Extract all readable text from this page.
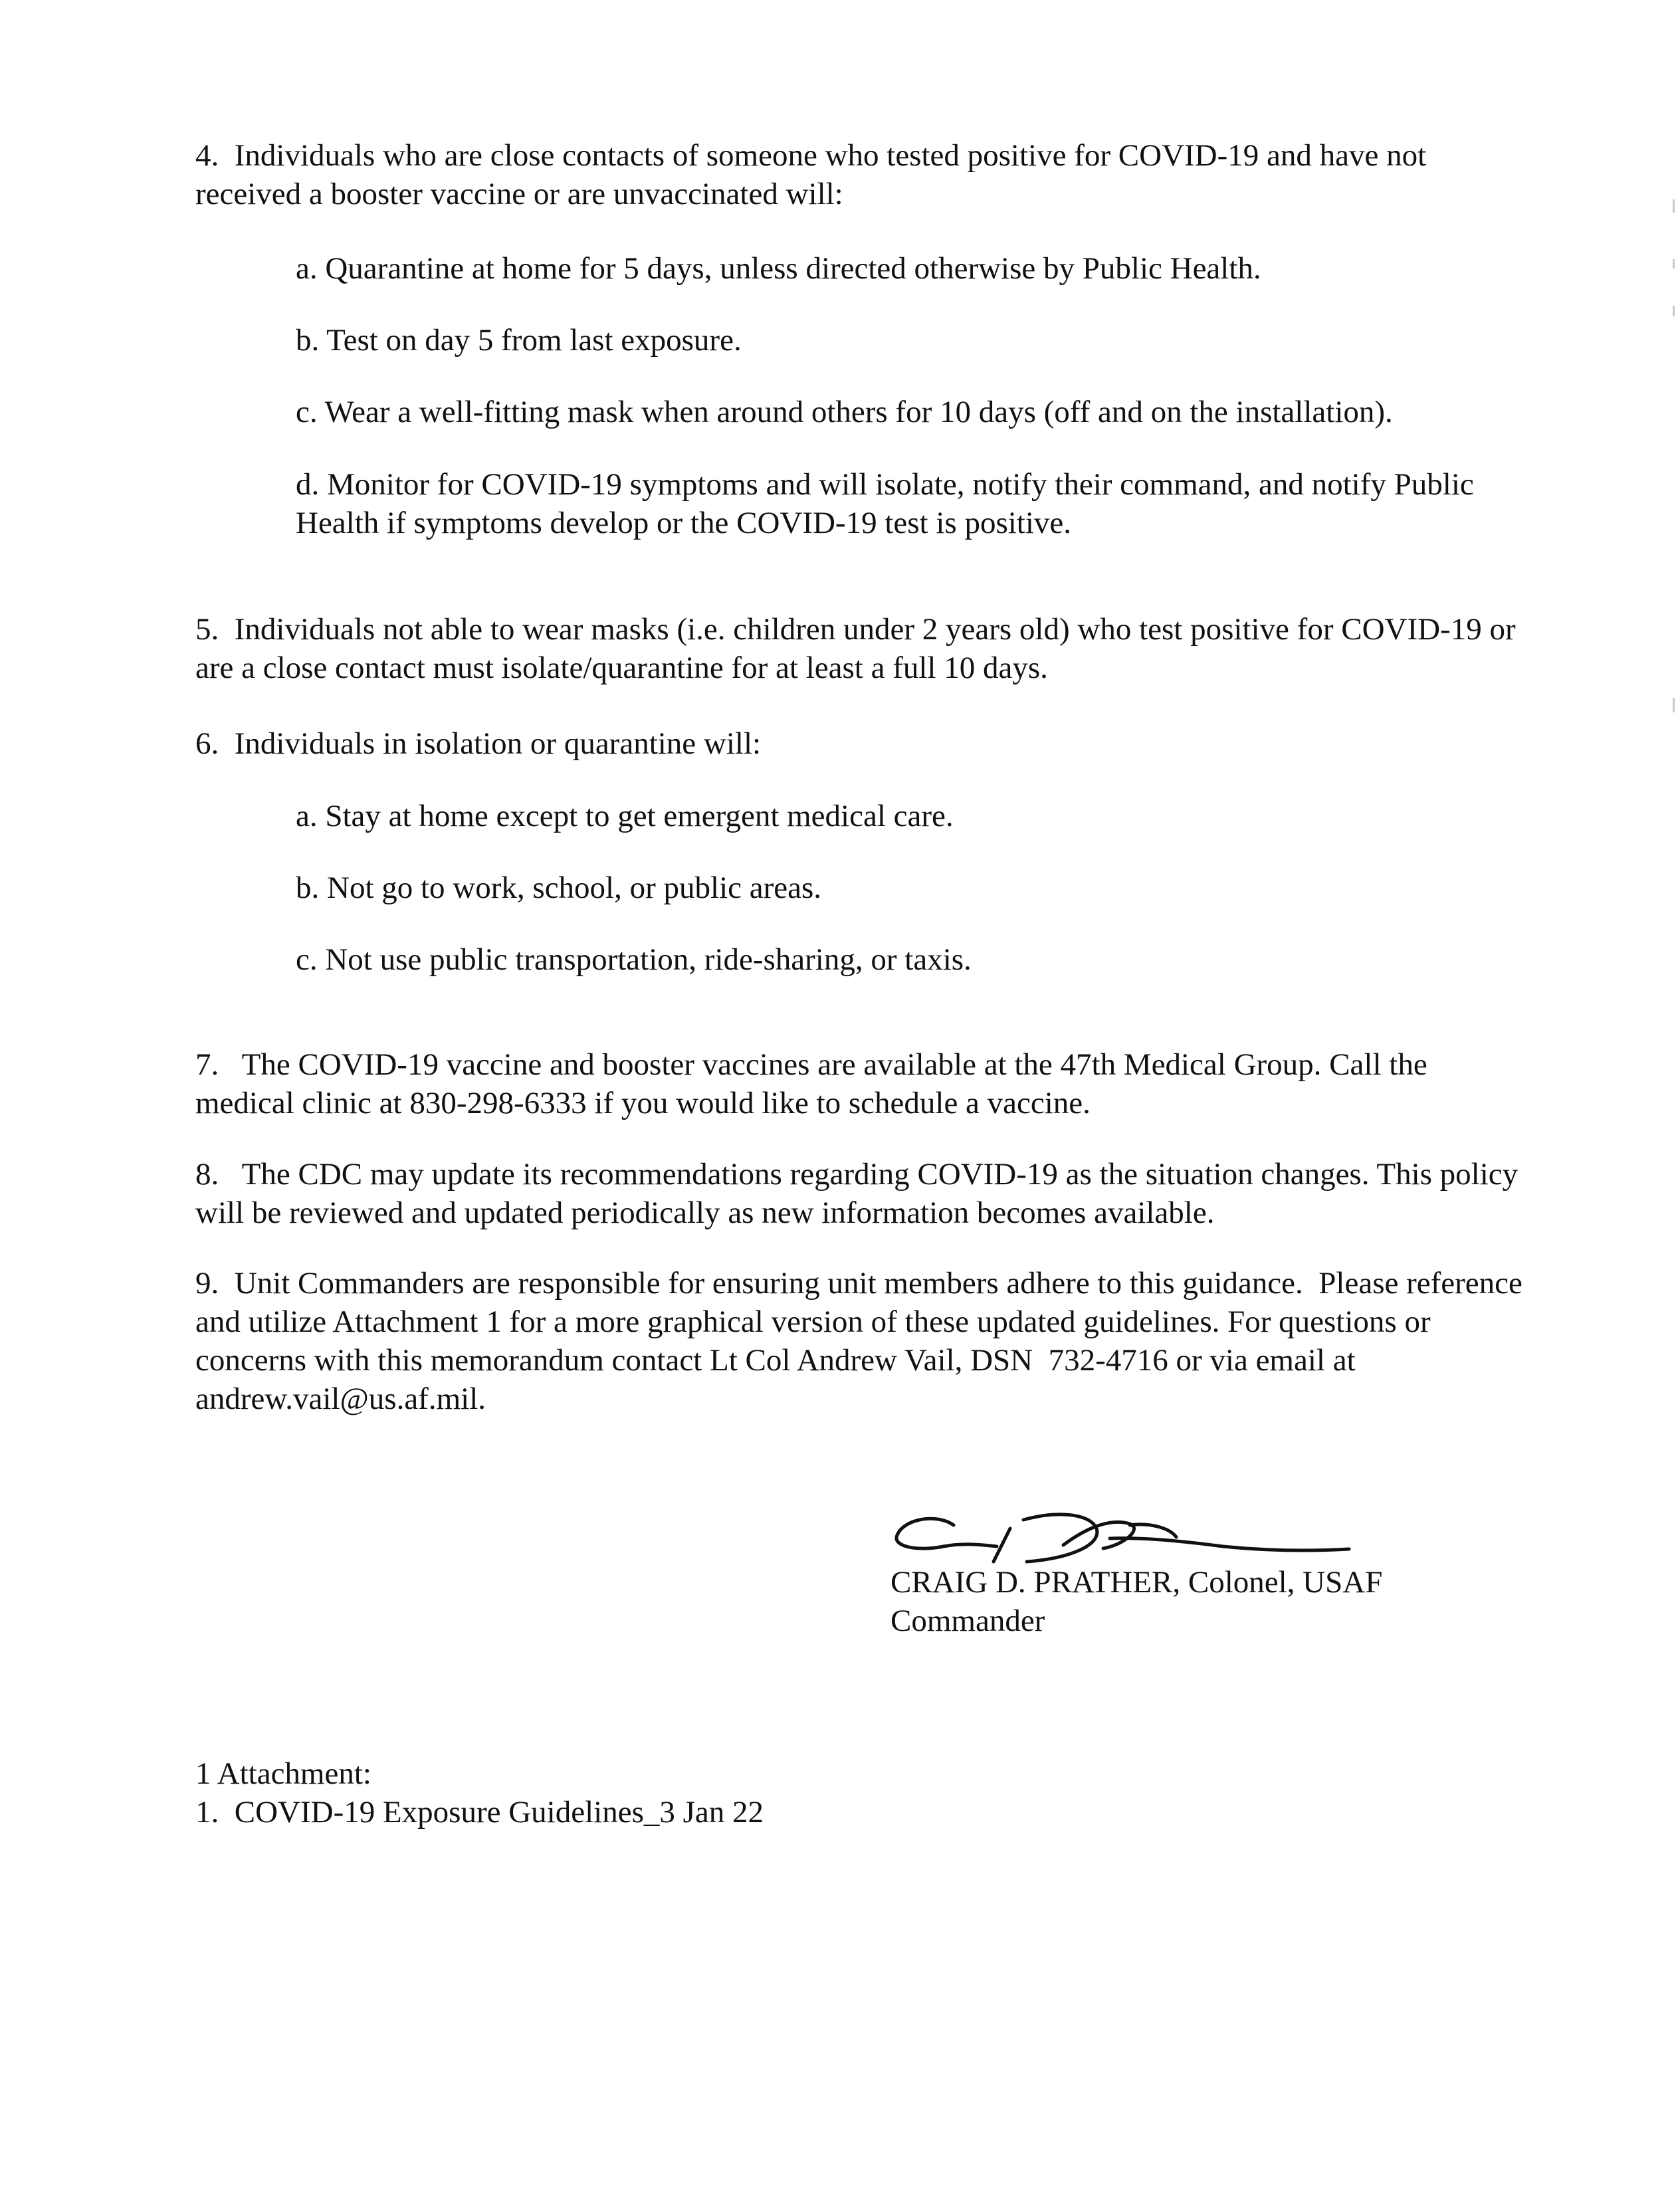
4.  Individuals who are close contacts of someone who tested positive for COVID-19 and have not received a booster vaccine or are unvaccinated will:

a. Quarantine at home for 5 days, unless directed otherwise by Public Health.

b. Test on day 5 from last exposure.

c. Wear a well-fitting mask when around others for 10 days (off and on the installation).

d. Monitor for COVID-19 symptoms and will isolate, notify their command, and notify Public Health if symptoms develop or the COVID-19 test is positive.

5.  Individuals not able to wear masks (i.e. children under 2 years old) who test positive for COVID-19 or are a close contact must isolate/quarantine for at least a full 10 days.

6.  Individuals in isolation or quarantine will:

a. Stay at home except to get emergent medical care.

b. Not go to work, school, or public areas.

c. Not use public transportation, ride-sharing, or taxis.

7.   The COVID-19 vaccine and booster vaccines are available at the 47th Medical Group. Call the medical clinic at 830-298-6333 if you would like to schedule a vaccine.

8.   The CDC may update its recommendations regarding COVID-19 as the situation changes. This policy will be reviewed and updated periodically as new information becomes available.

9.  Unit Commanders are responsible for ensuring unit members adhere to this guidance.  Please reference and utilize Attachment 1 for a more graphical version of these updated guidelines. For questions or concerns with this memorandum contact Lt Col Andrew Vail, DSN  732-4716 or via email at andrew.vail@us.af.mil.

CRAIG D. PRATHER, Colonel, USAF
Commander

1 Attachment:

1.  COVID-19 Exposure Guidelines_3 Jan 22
